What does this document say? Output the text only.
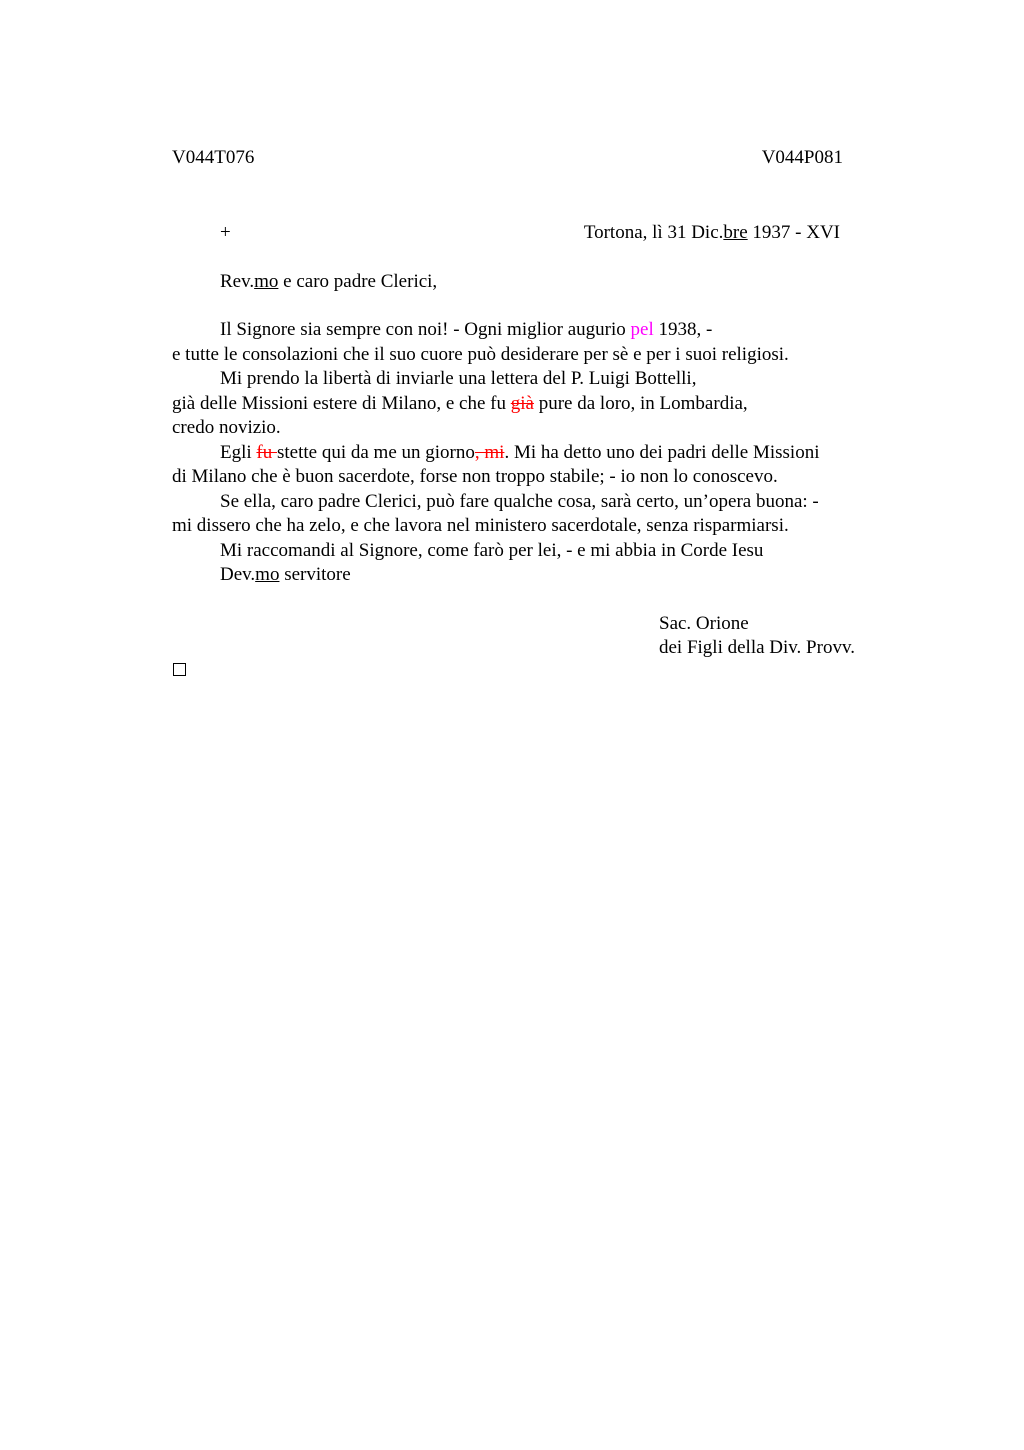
V044T076	V044P081
+	Tortona, lì 31 Dic.bre 1937 - XVI
Rev.mo e caro padre Clerici,
Il Signore sia sempre con noi! - Ogni miglior augurio pel 1938, -
e tutte le consolazioni che il suo cuore può desiderare per sè e per i suoi religiosi.
Mi prendo la libertà di inviarle una lettera del P. Luigi Bottelli,
già delle Missioni estere di Milano, e che fu già pure da loro, in Lombardia,
credo novizio.
Egli fu stette qui da me un giorno, mi. Mi ha detto uno dei padri delle Missioni
di Milano che è buon sacerdote, forse non troppo stabile; - io non lo conoscevo.
Se ella, caro padre Clerici, può fare qualche cosa, sarà certo, un’opera buona: -
mi dissero che ha zelo, e che lavora nel ministero sacerdotale, senza risparmiarsi.
Mi raccomandi al Signore, come farò per lei, - e mi abbia in Corde Iesu
Dev.mo servitore
Sac. Orione
dei Figli della Div. Provv.
